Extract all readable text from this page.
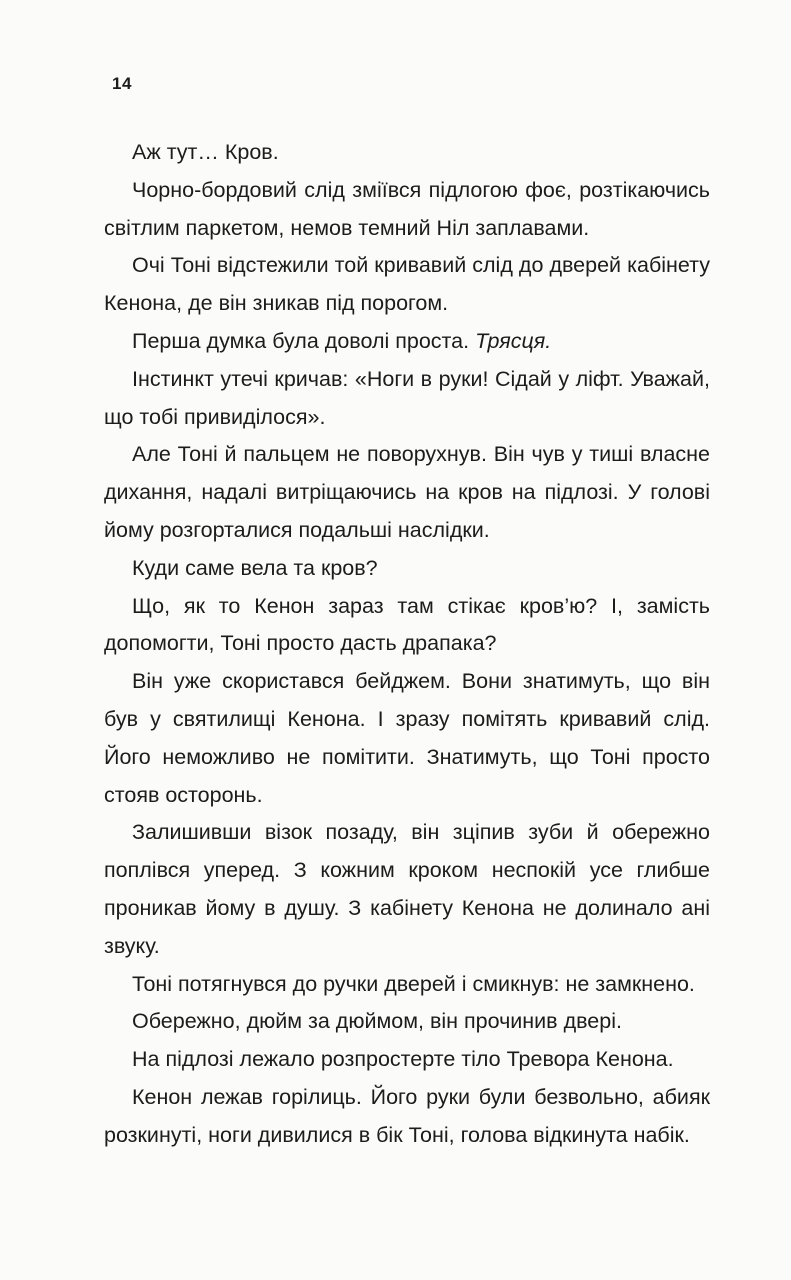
14

Аж тут… Кров.

Чорно-бордовий слід зміївся підлогою фоє, розтікаючись світлим паркетом, немов темний Ніл заплавами.

Очі Тоні відстежили той кривавий слід до дверей кабінету Кенона, де він зникав під порогом.

Перша думка була доволі проста. Трясця.

Інстинкт утечі кричав: «Ноги в руки! Сідай у ліфт. Уважай, що тобі привиділося».

Але Тоні й пальцем не поворухнув. Він чув у тиші власне дихання, надалі витріщаючись на кров на підлозі. У голові йому розгорталися подальші наслідки.

Куди саме вела та кров?

Що, як то Кенон зараз там стікає кров’ю? І, замість допомогти, Тоні просто дасть драпака?

Він уже скористався бейджем. Вони знатимуть, що він був у святилищі Кенона. І зразу помітять кривавий слід. Його неможливо не помітити. Знатимуть, що Тоні просто стояв осторонь.

Залишивши візок позаду, він зціпив зуби й обережно поплівся уперед. З кожним кроком неспокій усе глибше проникав йому в душу. З кабінету Кенона не долинало ані звуку.

Тоні потягнувся до ручки дверей і смикнув: не замкнено.

Обережно, дюйм за дюймом, він прочинив двері.

На підлозі лежало розпростерте тіло Тревора Кенона.

Кенон лежав горілиць. Його руки були безвольно, абияк розкинуті, ноги дивилися в бік Тоні, голова відкинута набік.
